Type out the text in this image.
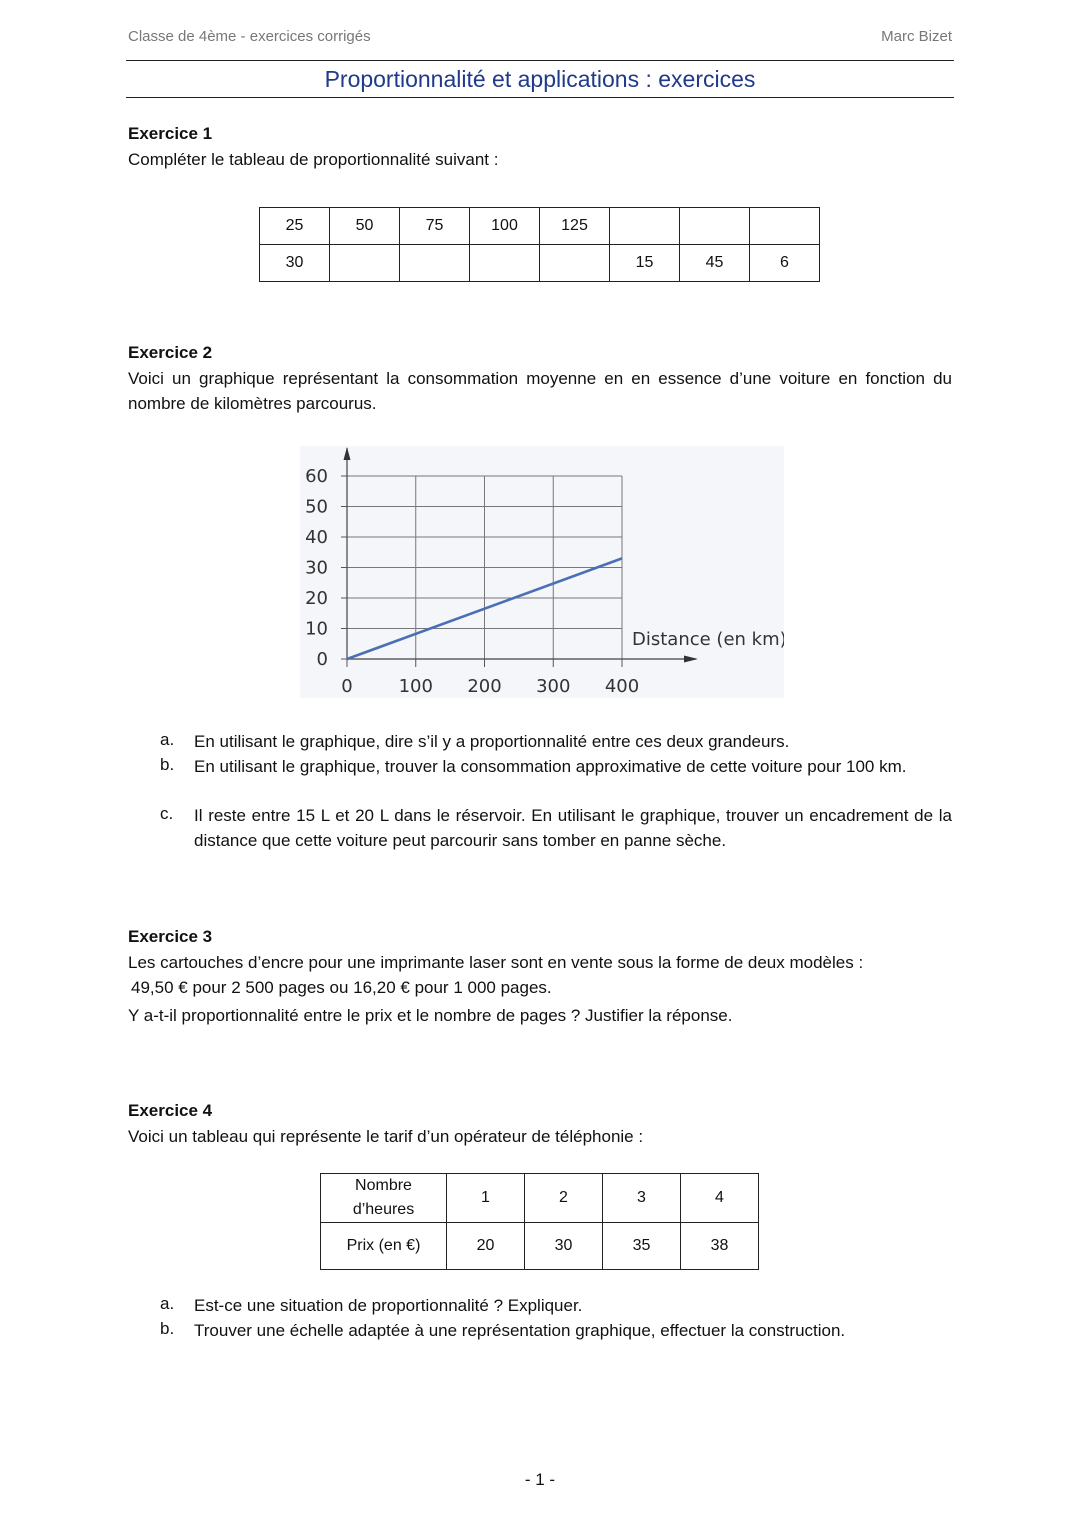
Classe de 4ème - exercices corrigés	Marc Bizet
Proportionnalité et applications : exercices
Exercice 1
Compléter le tableau de proportionnalité suivant :
25	50	75	100	125			
30					15	45	6
Exercice 2
Voici un graphique représentant la consommation moyenne en en essence d’une voiture en fonction du nombre de kilomètres parcourus.
0
10
20
30
40
50
60
0	100 200 300 400
Distance (en km)
a. En utilisant le graphique, dire s’il y a proportionnalité entre ces deux grandeurs.
b. En utilisant le graphique, trouver la consommation approximative de cette voiture pour 100 km.
c. Il reste entre 15 L et 20 L dans le réservoir. En utilisant le graphique, trouver un encadrement de la distance que cette voiture peut parcourir sans tomber en panne sèche.
Exercice 3
Les cartouches d’encre pour une imprimante laser sont en vente sous la forme de deux modèles :
49,50 € pour 2 500 pages ou 16,20 € pour 1 000 pages.
Y a-t-il proportionnalité entre le prix et le nombre de pages ? Justifier la réponse.
Exercice 4
Voici un tableau qui représente le tarif d’un opérateur de téléphonie :
Nombre
d’heures	1	2	3	4
Prix (en €)	20	30	35	38
a. Est-ce une situation de proportionnalité ? Expliquer.
b. Trouver une échelle adaptée à une représentation graphique, effectuer la construction.
- 1 -
